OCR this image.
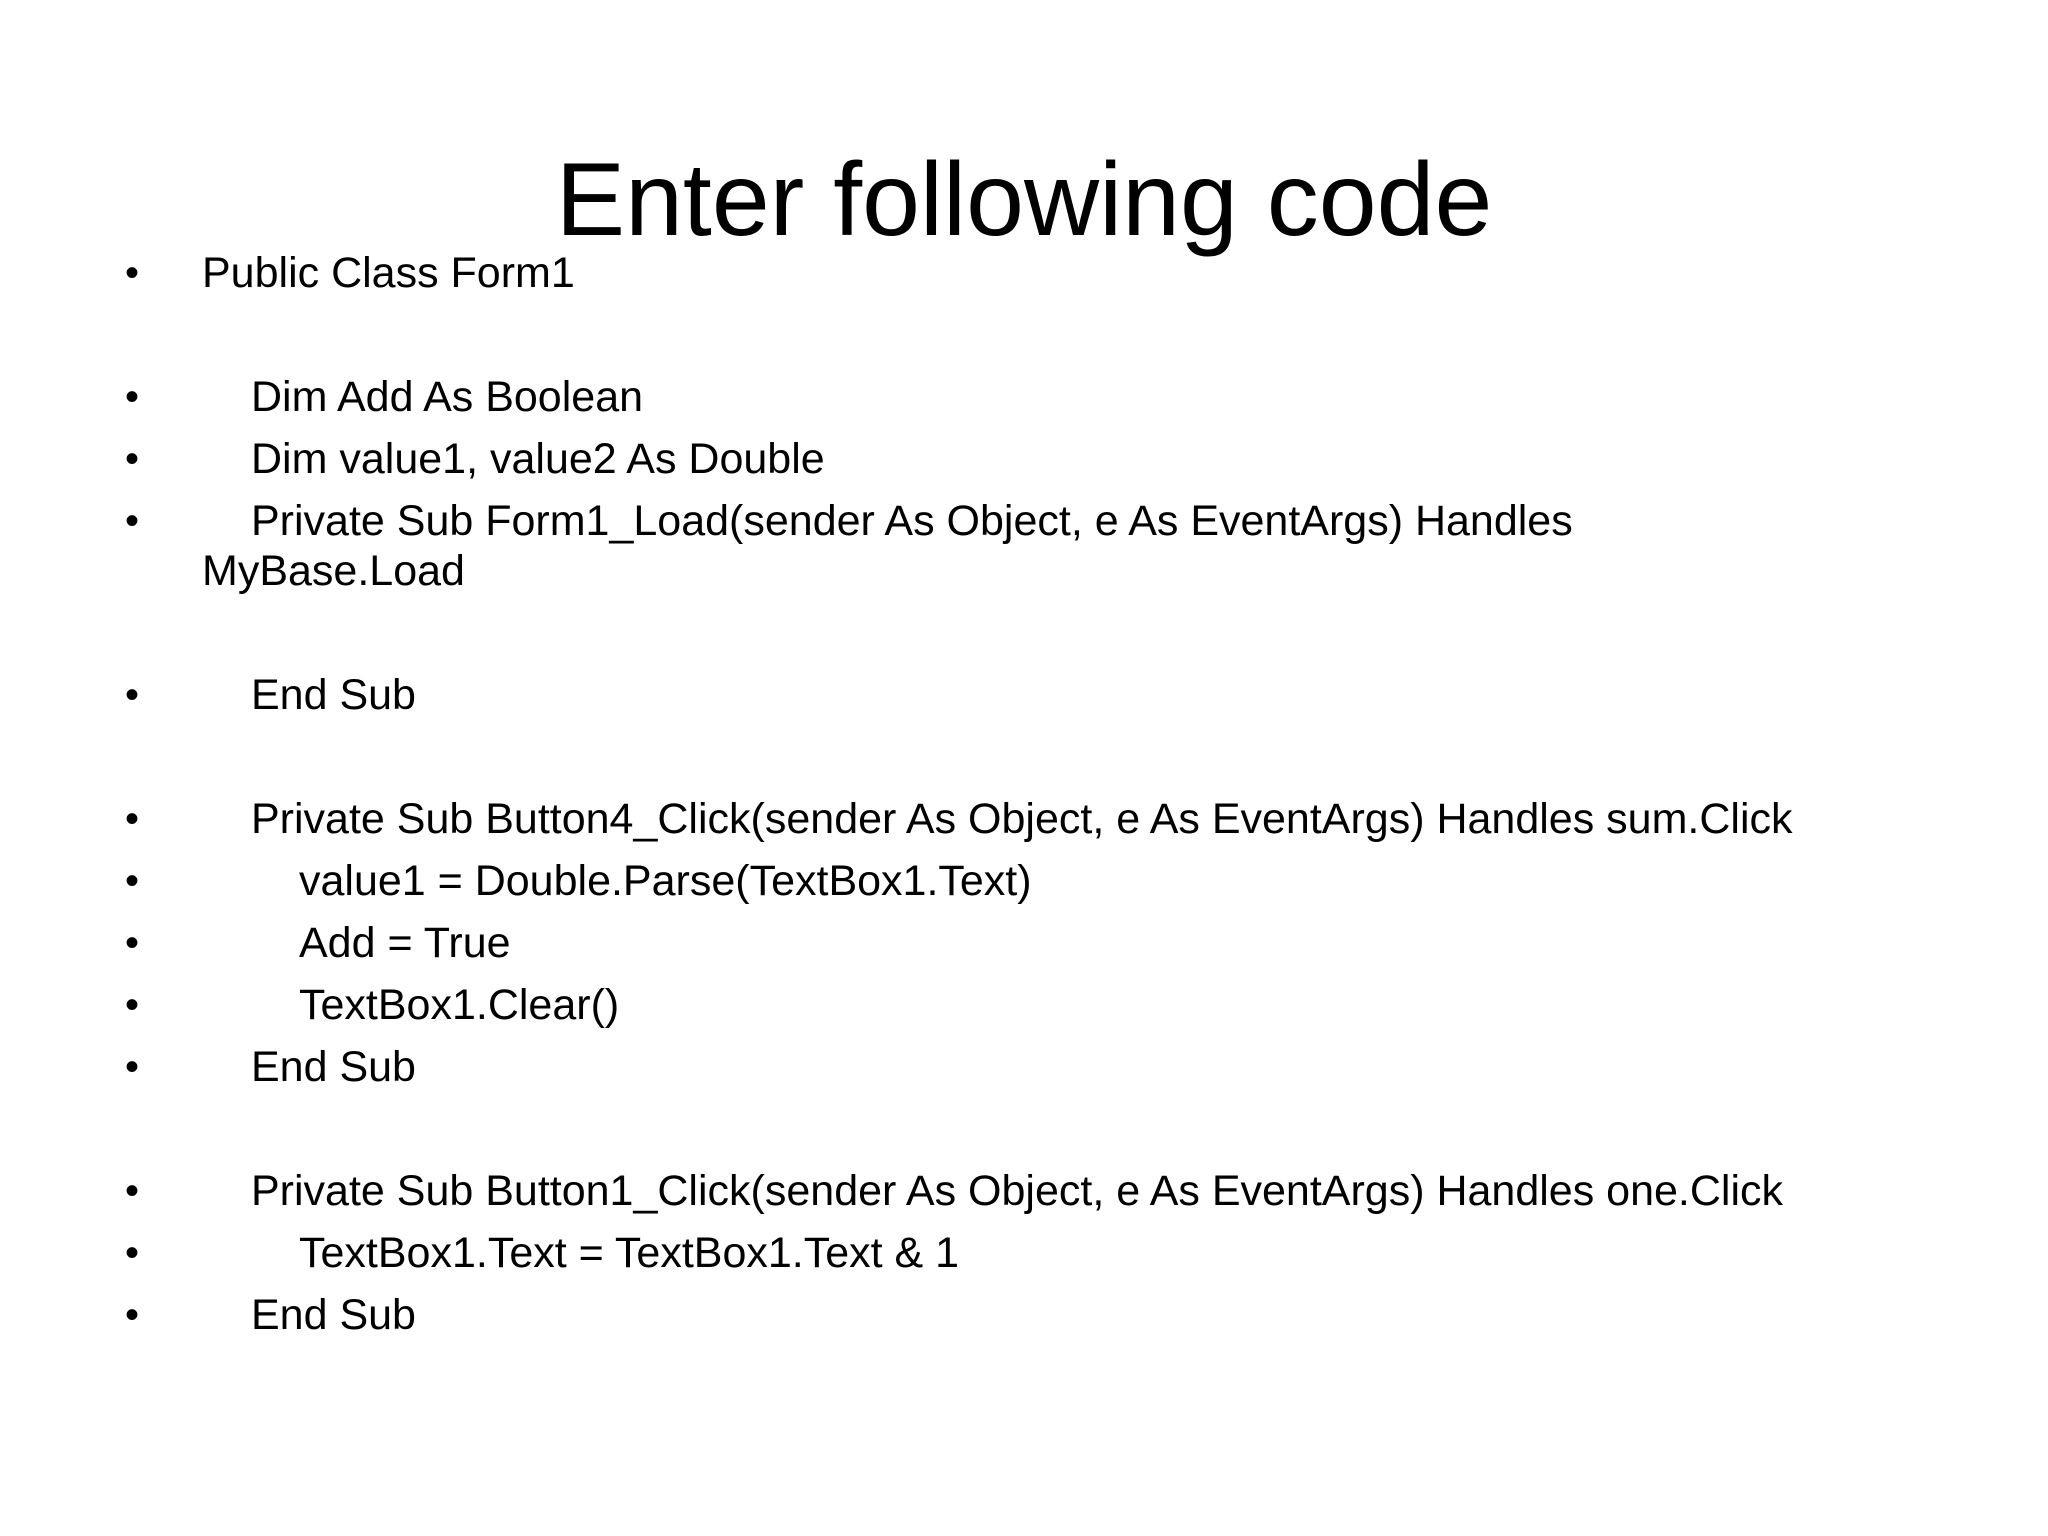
Enter following code
• Public Class Form1
•	Dim Add As Boolean
•	Dim value1, value2 As Double
•	Private Sub Form1_Load(sender As Object, e As EventArgs) Handles
MyBase.Load
•	End Sub
•	Private Sub Button4_Click(sender As Object, e As EventArgs) Handles sum.Click
•	value1 = Double.Parse(TextBox1.Text)
•	Add = True
•	TextBox1.Clear()
•	End Sub
•	Private Sub Button1_Click(sender As Object, e As EventArgs) Handles one.Click
•	TextBox1.Text = TextBox1.Text & 1
•	End Sub
